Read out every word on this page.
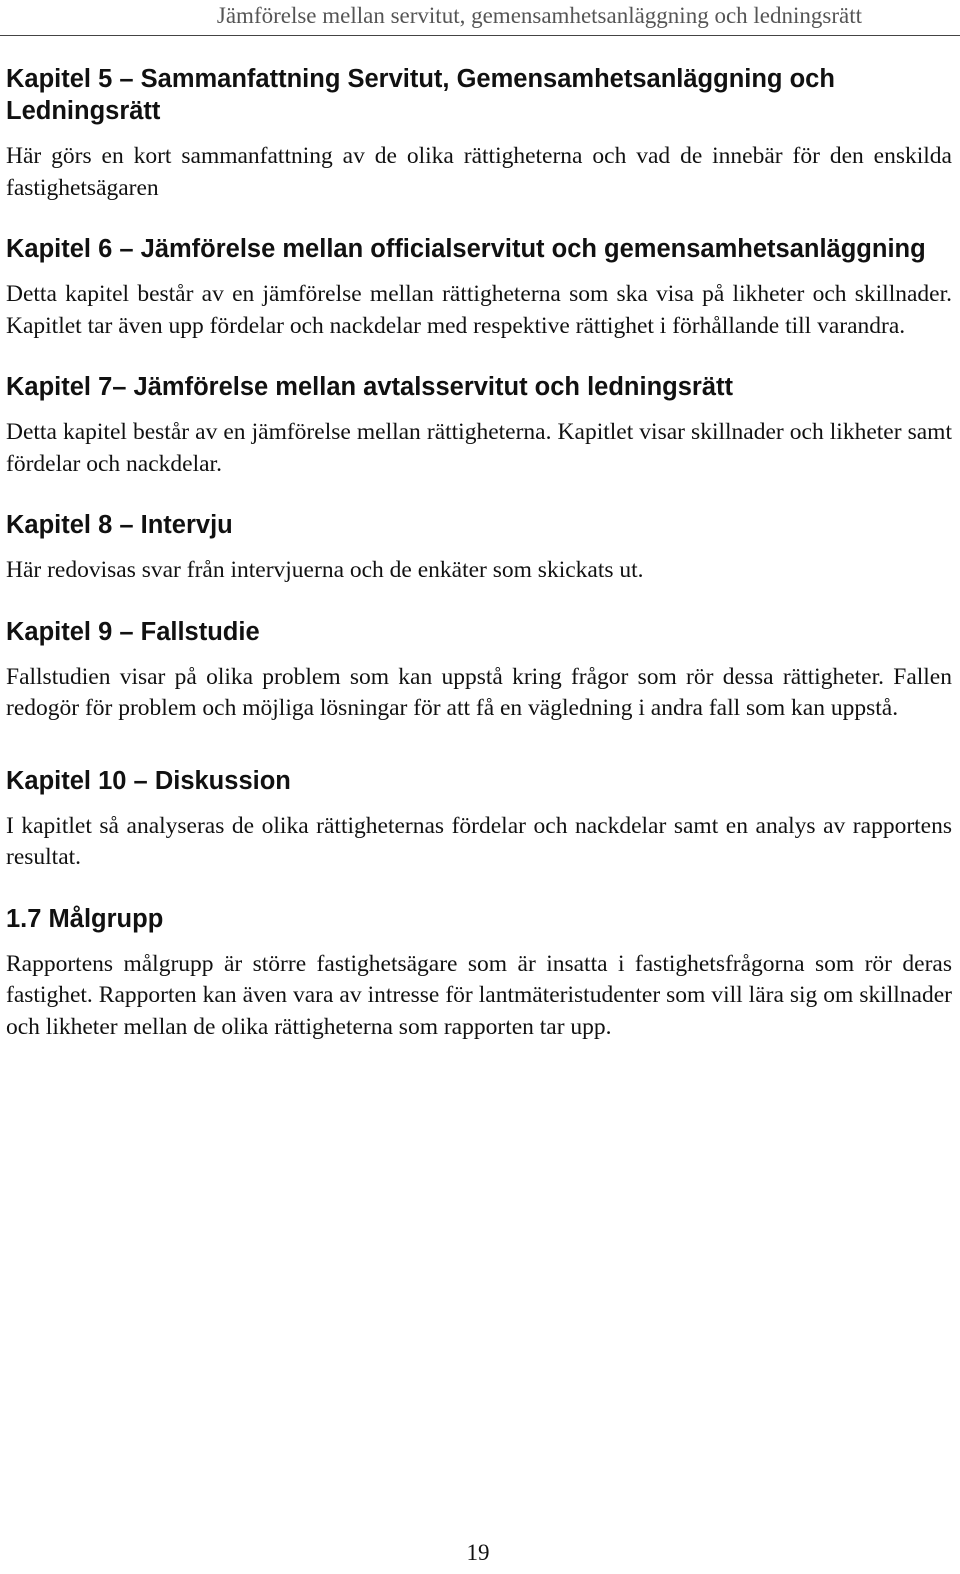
Jämförelse mellan servitut, gemensamhetsanläggning och ledningsrätt
Kapitel 5 – Sammanfattning Servitut, Gemensamhetsanläggning och Ledningsrätt

Här görs en kort sammanfattning av de olika rättigheterna och vad de innebär för den enskilda fastighetsägaren

Kapitel 6 – Jämförelse mellan officialservitut och gemensamhetsanläggning

Detta kapitel består av en jämförelse mellan rättigheterna som ska visa på likheter och skillnader. Kapitlet tar även upp fördelar och nackdelar med respektive rättighet i förhållande till varandra.

Kapitel 7– Jämförelse mellan avtalsservitut och ledningsrätt

Detta kapitel består av en jämförelse mellan rättigheterna. Kapitlet visar skillnader och likheter samt fördelar och nackdelar.

Kapitel 8 – Intervju

Här redovisas svar från intervjuerna och de enkäter som skickats ut.

Kapitel 9 – Fallstudie

Fallstudien visar på olika problem som kan uppstå kring frågor som rör dessa rättigheter. Fallen redogör för problem och möjliga lösningar för att få en vägledning i andra fall som kan uppstå.

Kapitel 10 – Diskussion

I kapitlet så analyseras de olika rättigheternas fördelar och nackdelar samt en analys av rapportens resultat.

1.7 Målgrupp

Rapportens målgrupp är större fastighetsägare som är insatta i fastighetsfrågorna som rör deras fastighet. Rapporten kan även vara av intresse för lantmäteristudenter som vill lära sig om skillnader och likheter mellan de olika rättigheterna som rapporten tar upp.

19
